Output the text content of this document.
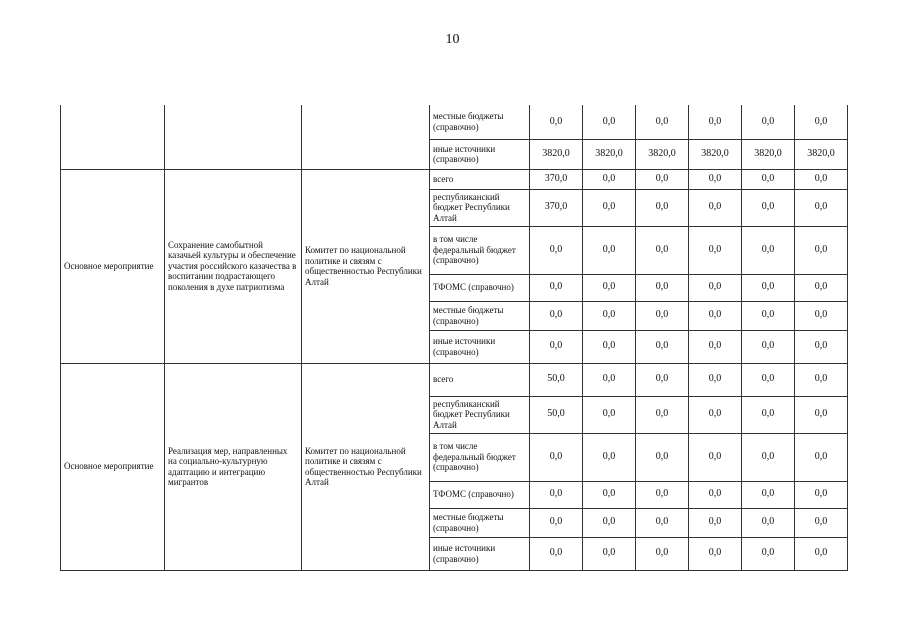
10
			местные бюджеты (справочно)	0,0	0,0	0,0	0,0	0,0	0,0
			иные источники (справочно)	3820,0	3820,0	3820,0	3820,0	3820,0	3820,0
Основное мероприятие	Сохранение самобытной казачьей культуры и обеспечение участия российского казачества в воспитании подрастающего поколения в духе патриотизма	Комитет по национальной политике и связям с общественностью Республики Алтай	всего	370,0	0,0	0,0	0,0	0,0	0,0
			республиканский бюджет Республики Алтай	370,0	0,0	0,0	0,0	0,0	0,0
			в том числе федеральный бюджет (справочно)	0,0	0,0	0,0	0,0	0,0	0,0
			ТФОМС (справочно)	0,0	0,0	0,0	0,0	0,0	0,0
			местные бюджеты (справочно)	0,0	0,0	0,0	0,0	0,0	0,0
			иные источники (справочно)	0,0	0,0	0,0	0,0	0,0	0,0
Основное мероприятие	Реализация мер, направленных на социально-культурную адаптацию и интеграцию мигрантов	Комитет по национальной политике и связям с общественностью Республики Алтай	всего	50,0	0,0	0,0	0,0	0,0	0,0
			республиканский бюджет Республики Алтай	50,0	0,0	0,0	0,0	0,0	0,0
			в том числе федеральный бюджет (справочно)	0,0	0,0	0,0	0,0	0,0	0,0
			ТФОМС (справочно)	0,0	0,0	0,0	0,0	0,0	0,0
			местные бюджеты (справочно)	0,0	0,0	0,0	0,0	0,0	0,0
			иные источники (справочно)	0,0	0,0	0,0	0,0	0,0	0,0
